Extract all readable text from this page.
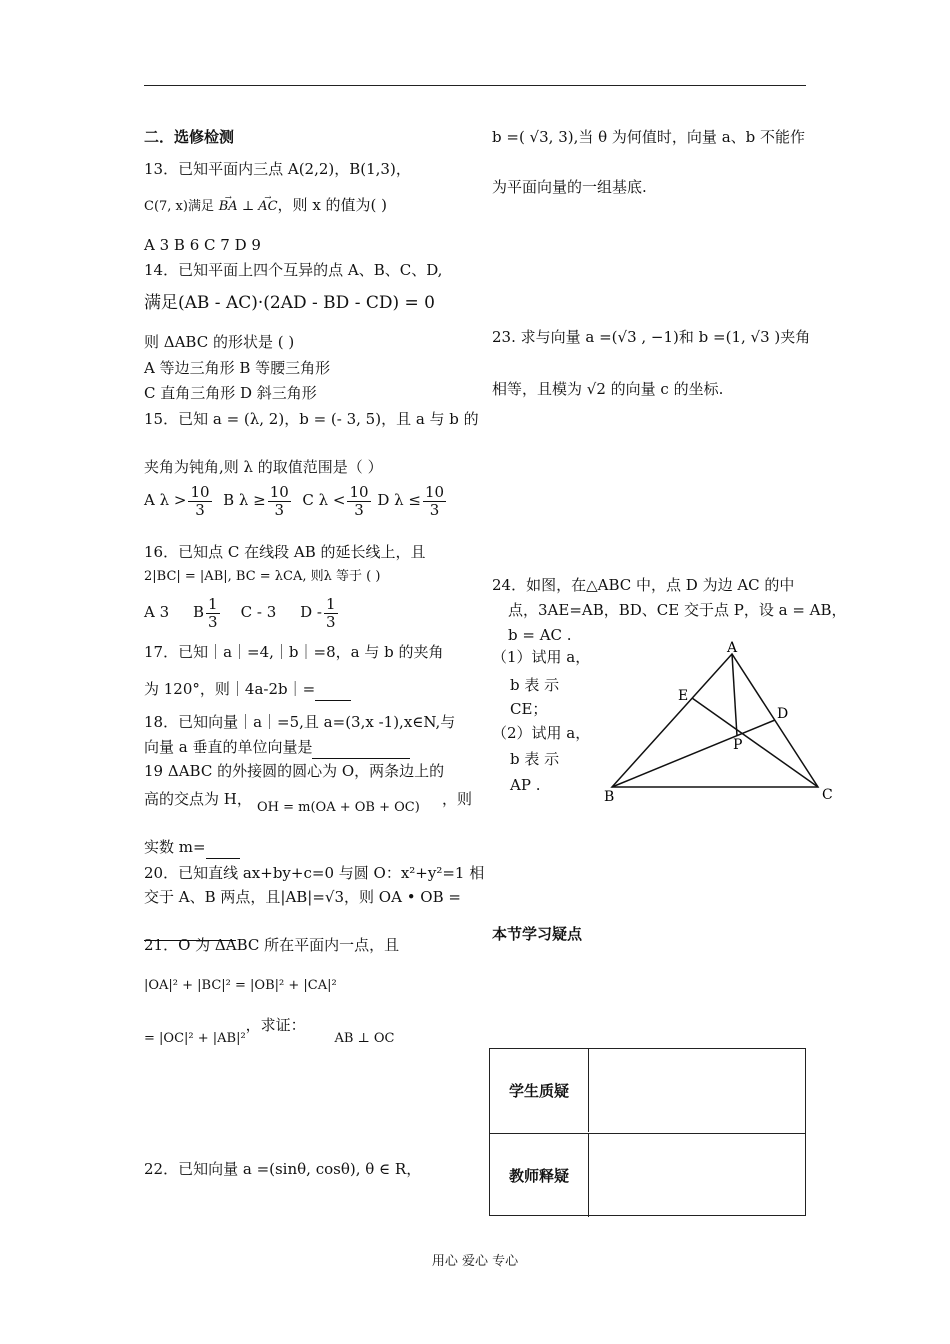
二．选修检测
13．已知平面内三点 A(2,2)，B(1,3)，
C(7, x)满足 → BA ⊥ → AC，则 x 的值为( )
A 3 B 6 C 7 D 9
14．已知平面上四个互异的点 A、B、C、D,
满足(AB - AC)·(2AD - BD - CD) = 0
则 ΔABC 的形状是 ( )
A 等边三角形 B 等腰三角形
C 直角三角形 D 斜三角形
15．已知 a = (λ, 2)，b = (- 3, 5)，且 a 与 b 的
夹角为钝角,则 λ 的取值范围是（ ）
A $\lambda > \frac{10}{3}$ B $\lambda \ge \frac{10}{3}$ C $\lambda < \frac{10}{3}$ D $\lambda \le \frac{10}{3}$
16．已知点 C 在线段 AB 的延长线上，且
2|BC| = |AB|, BC = λCA, 则λ 等于 ( )
A 3 B $\frac{1}{3}$ C - 3 D - $\frac{1}{3}$
17．已知｜a｜=4,｜b｜=8，a 与 b 的夹角
为 120°，则｜4a-2b｜=
18．已知向量｜a｜=5,且 a=(3,x -1),x∈N,与
向量 a 垂直的单位向量是
19 ΔABC 的外接圆的圆心为 O，两条边上的
高的交点为 H， OH = m(OA + OB + OC) ，则
实数 m=
20．已知直线 ax+by+c=0 与圆 O：x²+y²=1 相
交于 A、B 两点，且|AB|=√3，则 OA • OB =

21．O 为 ΔABC 所在平面内一点，且
|OA|² + |BC|² = |OB|² + |CA|²
= |OC|² + |AB|²，求证： AB ⊥ OC
22．已知向量 a =(sinθ, cosθ), θ ∈ R，
b =( √3, 3),当 θ 为何值时，向量 a、b 不能作
为平面向量的一组基底.
23. 求与向量 a =(√3 , −1)和 b =(1, √3 )夹角
相等，且模为 √2 的向量 c 的坐标.
24．如图，在△ABC 中，点 D 为边 AC 的中
点，3AE=AB，BD、CE 交于点 P，设 a = AB，
b = AC .
（1）试用 a，
b 表 示
CE；
（2）试用 a，
b 表 示
AP .
A
B	C
D
E
P
本节学习疑点
学生质疑
教师释疑
用心 爱心 专心
